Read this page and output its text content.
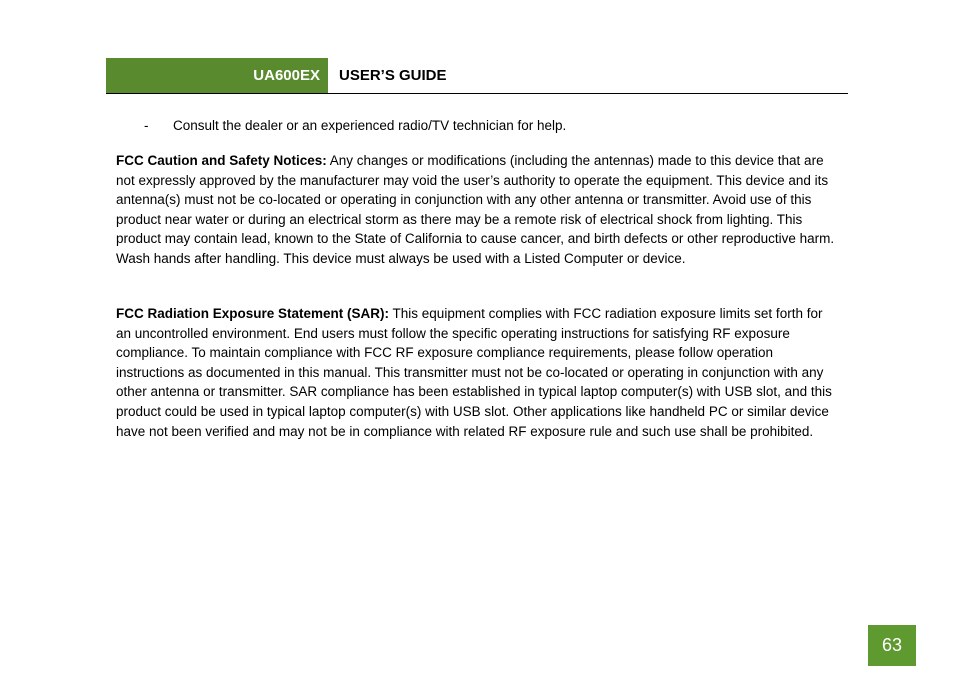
UA600EX	USER’S GUIDE
- Consult the dealer or an experienced radio/TV technician for help.

FCC Caution and Safety Notices: Any changes or modifications (including the antennas) made to this device that are not expressly approved by the manufacturer may void the user’s authority to operate the equipment. This device and its antenna(s) must not be co-located or operating in conjunction with any other antenna or transmitter. Avoid use of this product near water or during an electrical storm as there may be a remote risk of electrical shock from lighting. This product may contain lead, known to the State of California to cause cancer, and birth defects or other reproductive harm. Wash hands after handling. This device must always be used with a Listed Computer or device.

FCC Radiation Exposure Statement (SAR): This equipment complies with FCC radiation exposure limits set forth for an uncontrolled environment. End users must follow the specific operating instructions for satisfying RF exposure compliance. To maintain compliance with FCC RF exposure compliance requirements, please follow operation instructions as documented in this manual. This transmitter must not be co-located or operating in conjunction with any other antenna or transmitter. SAR compliance has been established in typical laptop computer(s) with USB slot, and this product could be used in typical laptop computer(s) with USB slot. Other applications like handheld PC or similar device have not been verified and may not be in compliance with related RF exposure rule and such use shall be prohibited.

63
